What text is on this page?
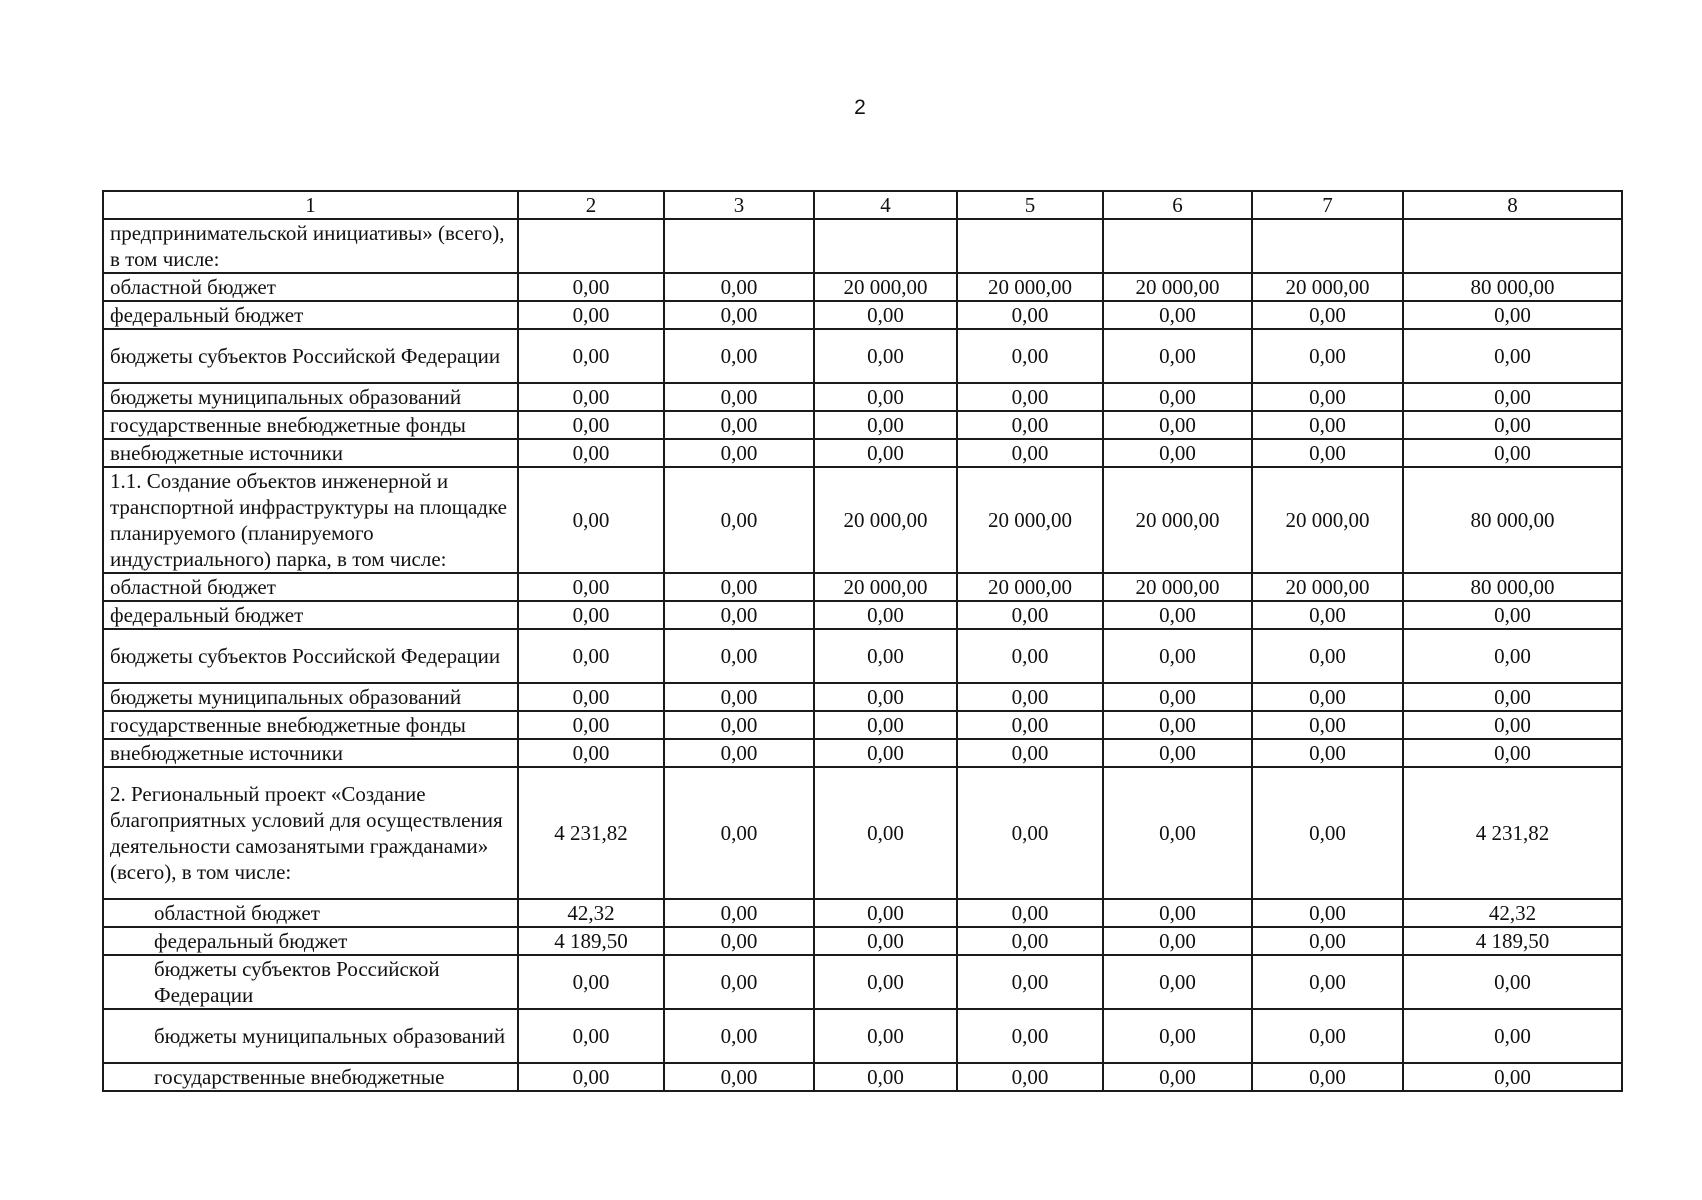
2
1	2	3	4	5	6	7	8
предпринимательской инициативы» (всего), в том числе:							
областной бюджет	0,00	0,00	20 000,00	20 000,00	20 000,00	20 000,00	80 000,00
федеральный бюджет	0,00	0,00	0,00	0,00	0,00	0,00	0,00
бюджеты субъектов Российской Федерации	0,00	0,00	0,00	0,00	0,00	0,00	0,00
бюджеты муниципальных образований	0,00	0,00	0,00	0,00	0,00	0,00	0,00
государственные внебюджетные фонды	0,00	0,00	0,00	0,00	0,00	0,00	0,00
внебюджетные источники	0,00	0,00	0,00	0,00	0,00	0,00	0,00
1.1. Создание объектов инженерной и транспортной инфраструктуры на площадке планируемого (планируемого индустриального) парка, в том числе:	0,00	0,00	20 000,00	20 000,00	20 000,00	20 000,00	80 000,00
областной бюджет	0,00	0,00	20 000,00	20 000,00	20 000,00	20 000,00	80 000,00
федеральный бюджет	0,00	0,00	0,00	0,00	0,00	0,00	0,00
бюджеты субъектов Российской Федерации	0,00	0,00	0,00	0,00	0,00	0,00	0,00
бюджеты муниципальных образований	0,00	0,00	0,00	0,00	0,00	0,00	0,00
государственные внебюджетные фонды	0,00	0,00	0,00	0,00	0,00	0,00	0,00
внебюджетные источники	0,00	0,00	0,00	0,00	0,00	0,00	0,00
2. Региональный проект «Создание благоприятных условий для осуществления деятельности самозанятыми гражданами» (всего), в том числе:	4 231,82	0,00	0,00	0,00	0,00	0,00	4 231,82
областной бюджет	42,32	0,00	0,00	0,00	0,00	0,00	42,32
федеральный бюджет	4 189,50	0,00	0,00	0,00	0,00	0,00	4 189,50
бюджеты субъектов Российской Федерации	0,00	0,00	0,00	0,00	0,00	0,00	0,00
бюджеты муниципальных образований	0,00	0,00	0,00	0,00	0,00	0,00	0,00
государственные внебюджетные	0,00	0,00	0,00	0,00	0,00	0,00	0,00
